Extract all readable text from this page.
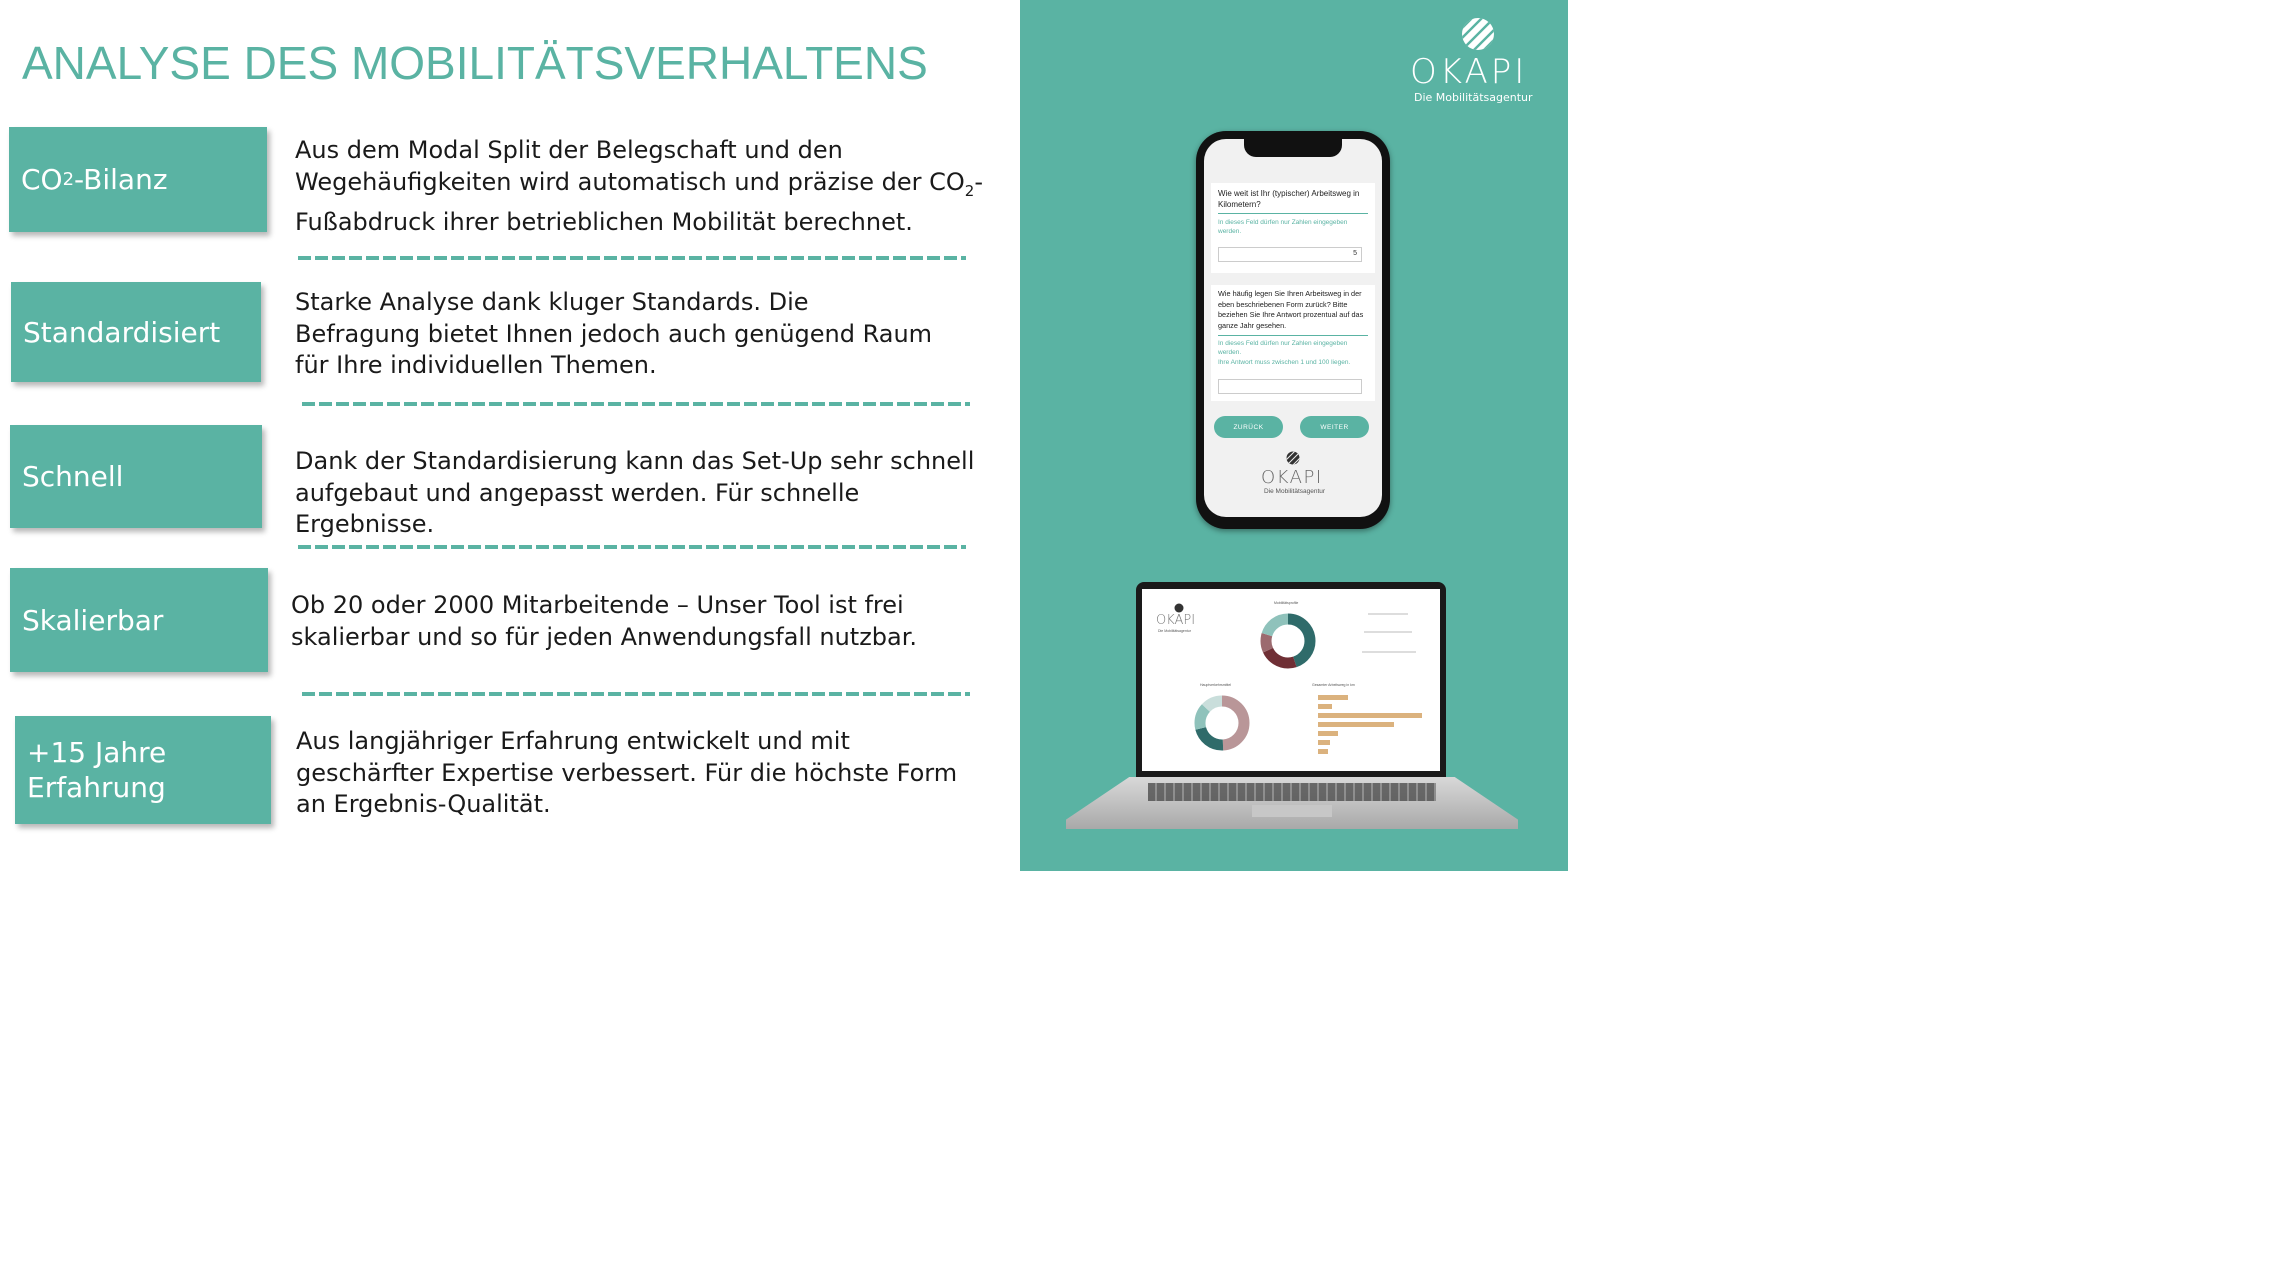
ANALYSE DES MOBILITÄTSVERHALTENS
CO 2 -Bilanz
Aus dem Modal Split der Belegschaft und den
Wegehäufigkeiten wird automatisch und präzise der $CO_2-$
Fußabdruck ihrer betrieblichen Mobilität berechnet.
Standardisiert
Starke Analyse dank kluger Standards. Die Befragung bietet Ihnen jedoch auch genügend Raum für Ihre individuellen Themen.
Schnell	Dank der Standardisierung kann das Set-Up sehr schnell aufgebaut und angepasst werden. Für schnelle Ergebnisse.
Skalierbar	Ob 20 oder 2000 Mitarbeitende – Unser Tool ist frei skalierbar und so für jeden Anwendungsfall nutzbar.
+15 Jahre Erfahrung
Aus langjähriger Erfahrung entwickelt und mit geschärfter Expertise verbessert. Für die höchste Form an Ergebnis-Qualität.
OKAPI
Die Mobilitätsagentur
Wie weit ist Ihr (typischer) Arbeitsweg in Kilometern?
In dieses Feld dürfen nur Zahlen eingegeben werden.
5
Wie häufig legen Sie Ihren Arbeitsweg in der eben beschriebenen Form zurück? Bitte beziehen Sie Ihre Antwort prozentual auf das ganze Jahr gesehen.
In dieses Feld dürfen nur Zahlen eingegeben werden.
Ihre Antwort muss zwischen 1 und 100 liegen.
ZURÜCK	WEITER
OKAPI
Die Mobilitätsagentur
OKAPI
Die Mobilitätsagentur
Mobilitätsprofile
Hauptverkehrsmittel	Gesamter Arbeitsweg in km
